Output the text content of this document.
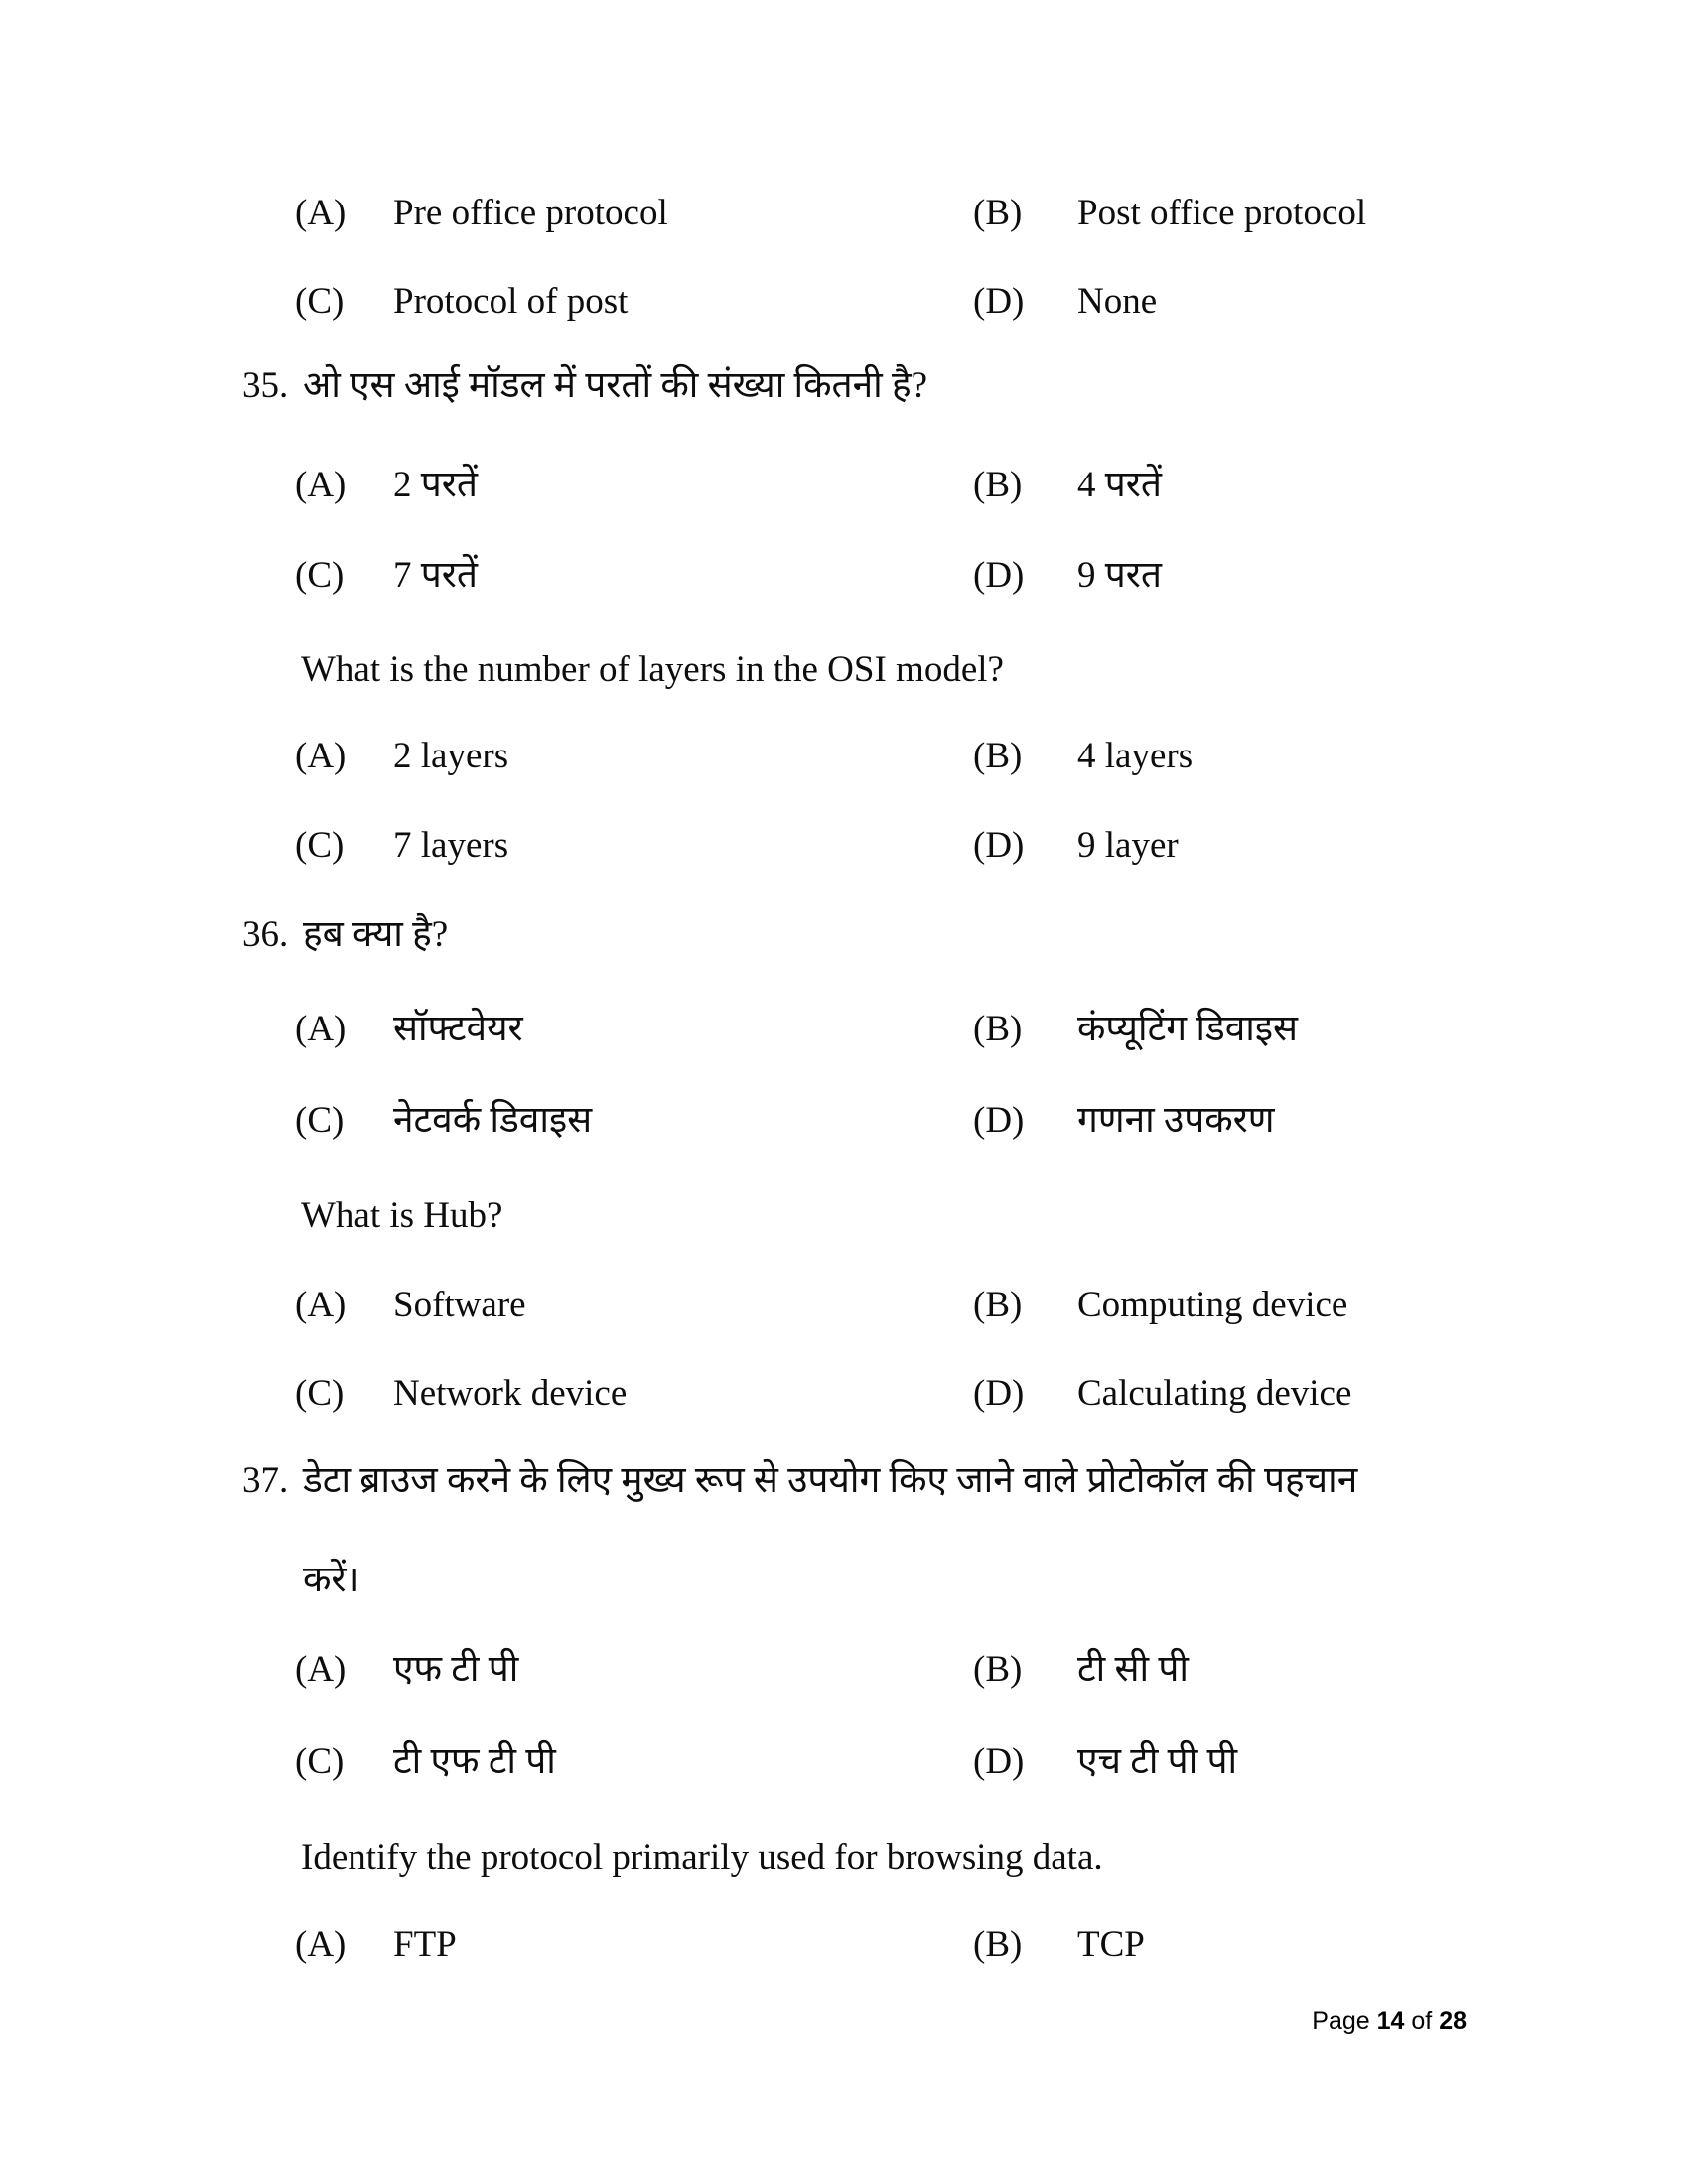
(A) Pre office protocol	(B) Post office protocol
(C) Protocol of post	(D) None
35. ओ एस आई मॉडल में परतों की संख्या कितनी है?
(A) 2 परतें	(B) 4 परतें
(C) 7 परतें	(D) 9 परत
What is the number of layers in the OSI model?
(A) 2 layers	(B) 4 layers
(C) 7 layers	(D) 9 layer
36. हब क्या है?
(A) सॉफ्टवेयर	(B) कंप्यूटिंग डिवाइस
(C) नेटवर्क डिवाइस	(D) गणना उपकरण
What is Hub?
(A) Software	(B) Computing device
(C) Network device	(D) Calculating device
37. डेटा ब्राउज करने के लिए मुख्य रूप से उपयोग किए जाने वाले प्रोटोकॉल की पहचान
करें।
(A) एफ टी पी	(B) टी सी पी
(C) टी एफ टी पी	(D) एच टी पी पी
Identify the protocol primarily used for browsing data.
(A) FTP	(B) TCP
Page 14 of 28
